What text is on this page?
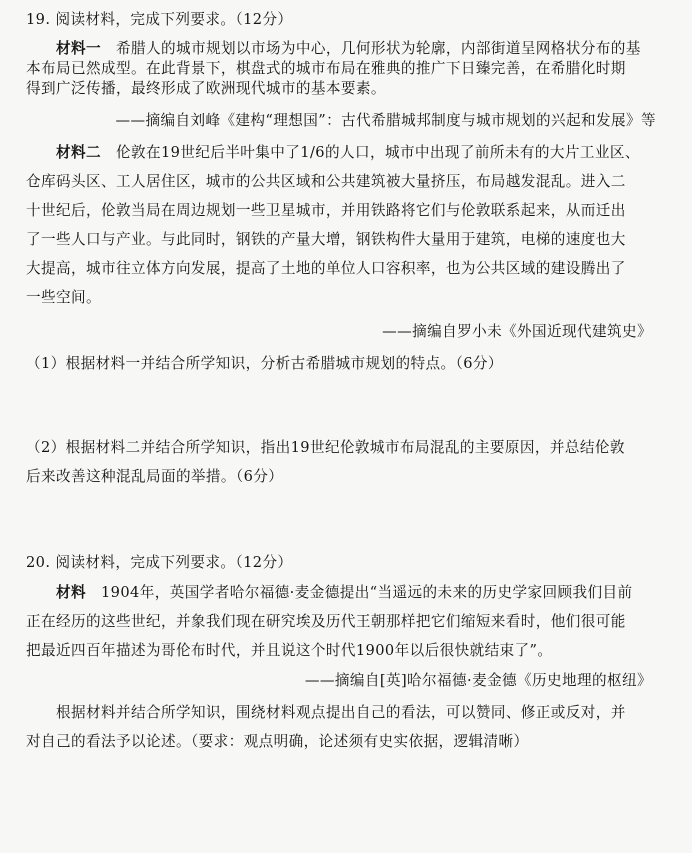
19. 阅读材料，完成下列要求。（12分）

材料一  希腊人的城市规划以市场为中心，几何形状为轮廓，内部街道呈网格状分布的基

本布局已然成型。在此背景下，棋盘式的城市布局在雅典的推广下日臻完善，在希腊化时期

得到广泛传播，最终形成了欧洲现代城市的基本要素。

——摘编自刘峰《建构“理想国”：古代希腊城邦制度与城市规划的兴起和发展》等

材料二  伦敦在19世纪后半叶集中了1/6的人口，城市中出现了前所未有的大片工业区、

仓库码头区、工人居住区，城市的公共区域和公共建筑被大量挤压，布局越发混乱。进入二

十世纪后，伦敦当局在周边规划一些卫星城市，并用铁路将它们与伦敦联系起来，从而迁出

了一些人口与产业。与此同时，钢铁的产量大增，钢铁构件大量用于建筑，电梯的速度也大

大提高，城市往立体方向发展，提高了土地的单位人口容积率，也为公共区域的建设腾出了

一些空间。

——摘编自罗小未《外国近现代建筑史》

（1）根据材料一并结合所学知识，分析古希腊城市规划的特点。（6分）

（2）根据材料二并结合所学知识，指出19世纪伦敦城市布局混乱的主要原因，并总结伦敦

后来改善这种混乱局面的举措。（6分）

20. 阅读材料，完成下列要求。（12分）

材料  1904年，英国学者哈尔福德·麦金德提出“当遥远的未来的历史学家回顾我们目前

正在经历的这些世纪，并象我们现在研究埃及历代王朝那样把它们缩短来看时，他们很可能

把最近四百年描述为哥伦布时代，并且说这个时代1900年以后很快就结束了”。

——摘编自[英]哈尔福德·麦金德《历史地理的枢纽》

根据材料并结合所学知识，围绕材料观点提出自己的看法，可以赞同、修正或反对，并

对自己的看法予以论述。（要求：观点明确，论述须有史实依据，逻辑清晰）
